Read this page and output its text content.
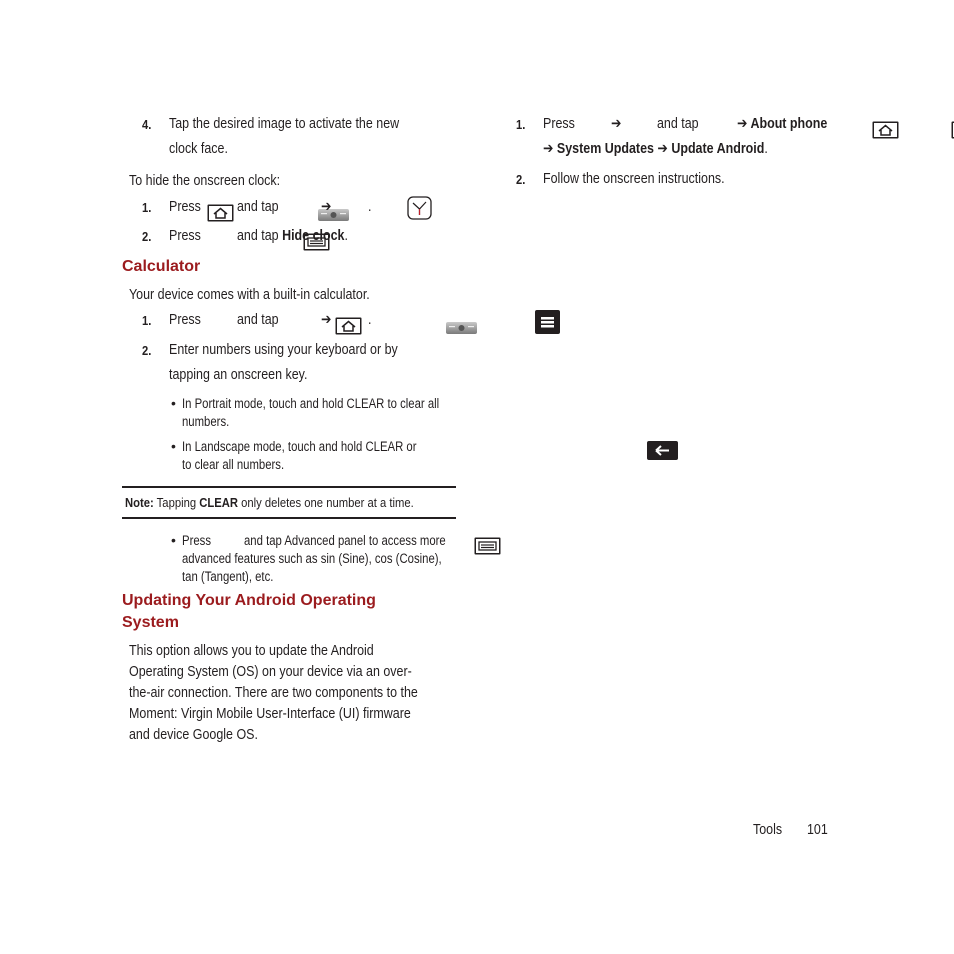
4. Tap the desired image to activate the new
clock face.
To hide the onscreen clock:
1. Press
and tap
	➔
	.
2. Press
and tap Hide clock.
Calculator
Your device comes with a built-in calculator.
1. Press
and tap
	➔
	.
2. Enter numbers using your keyboard or by
tapping an onscreen key.
• In Portrait mode, touch and hold CLEAR to clear all
numbers.
• In Landscape mode, touch and hold CLEAR or

to clear all numbers.
Note: Tapping CLEAR only deletes one number at a time.
• Press
and tap Advanced panel to access more
advanced features such as sin (Sine), cos (Cosine),
tan (Tangent), etc.
Updating Your Android Operating
System
This option allows you to update the Android
Operating System (OS) on your device via an over-
the-air connection. There are two components to the
Moment: Virgin Mobile User-Interface (UI) firmware
and device Google OS.
1. Press
➔
and tap	➔ About phone
➔ System Updates ➔ Update Android.
2. Follow the onscreen instructions.
Tools 101
